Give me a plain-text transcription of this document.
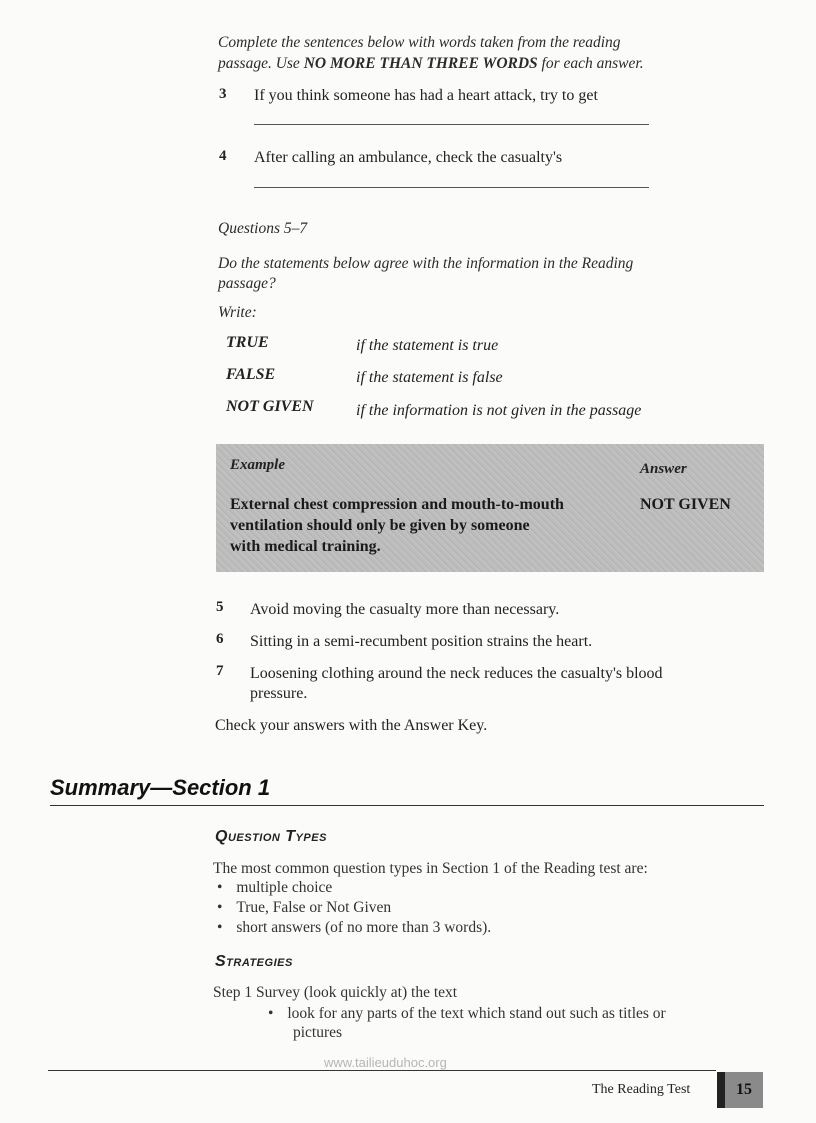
Complete the sentences below with words taken from the reading
passage. Use NO MORE THAN THREE WORDS for each answer.
3 If you think someone has had a heart attack, try to get
4 After calling an ambulance, check the casualty's
Questions 5–7
Do the statements below agree with the information in the Reading
passage?
Write:
TRUE	if the statement is true
FALSE	if the statement is false
NOT GIVEN	if the information is not given in the passage
Example	Answer
External chest compression and mouth-to-mouth
ventilation should only be given by someone
with medical training.
NOT GIVEN
5 Avoid moving the casualty more than necessary.
6 Sitting in a semi-recumbent position strains the heart.
7 Loosening clothing around the neck reduces the casualty's blood
pressure.
Check your answers with the Answer Key.
Summary—Section 1
Question Types
The most common question types in Section 1 of the Reading test are:
• multiple choice
• True, False or Not Given
• short answers (of no more than 3 words).
Strategies
Step 1 Survey (look quickly at) the text
• look for any parts of the text which stand out such as titles or
pictures
www.tailieuduhoc.org
The Reading Test	15
